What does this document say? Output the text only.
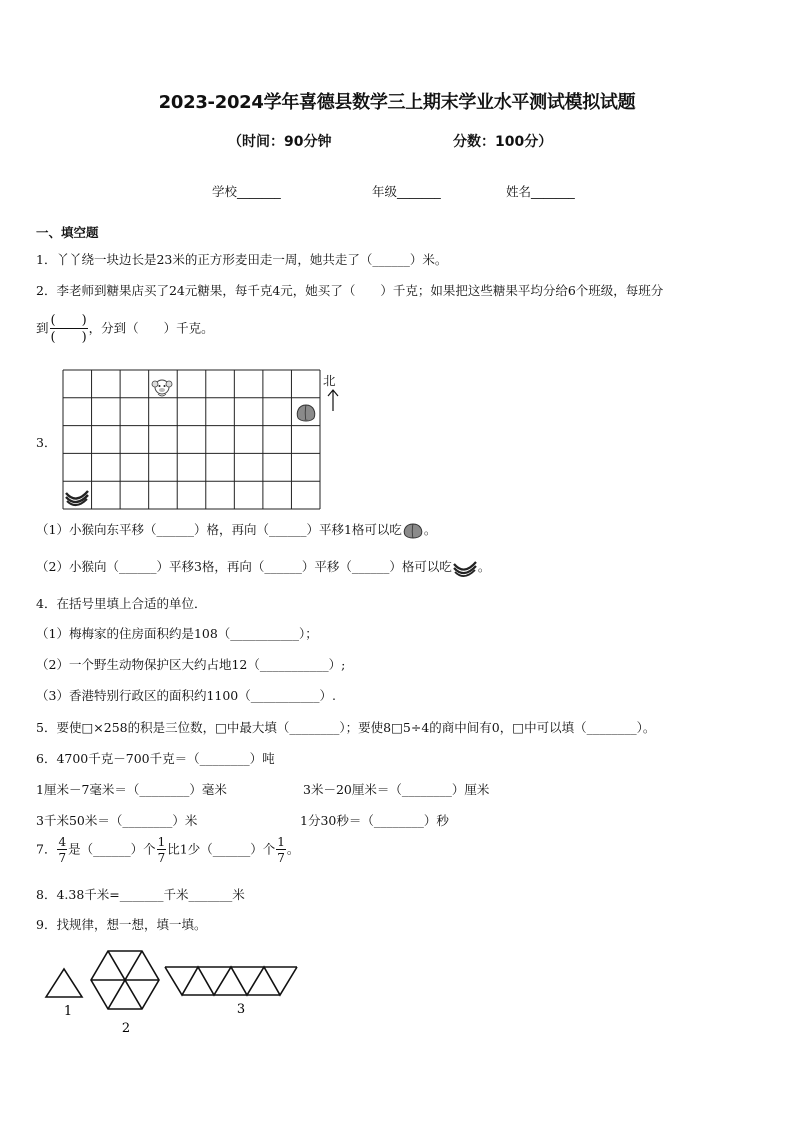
2023-2024学年喜德县数学三上期末学业水平测试模拟试题
（时间：90分钟	分数：100分）
学校_______	年级_______	姓名_______
一、填空题
1．丫丫绕一块边长是23米的正方形麦田走一周，她共走了（______）米。
2．李老师到糖果店买了24元糖果，每千克4元，她买了（　　）千克；如果把这些糖果平均分给6个班级，每班分
到 $\frac{( )}{( )}$ ，分到（　　）千克。
3．
北
（1）小猴向东平移（______）格，再向（______）平移1格可以吃 。
（2）小猴向（______）平移3格，再向（______）平移（______）格可以吃 。
4．在括号里填上合适的单位．
（1）梅梅家的住房面积约是108（___________）；
（2）一个野生动物保护区大约占地12（___________）;
（3）香港特别行政区的面积约1100（___________）.
5．要使□×258的积是三位数，□中最大填（________）；要使8□5÷4的商中间有0，□中可以填（________）。
6．4700千克－700千克＝（________）吨
1厘米－7毫米＝（________）毫米	3米－20厘米＝（________）厘米
3千米50米＝（________）米	1分30秒＝（________）秒
7． $\frac{4}{7}$ 是（______）个 $\frac{1}{7}$ 比1少（______）个 $\frac{1}{7}$ 。
8．4.38千米=_______千米_______米
9．找规律，想一想，填一填。
1
2
3
